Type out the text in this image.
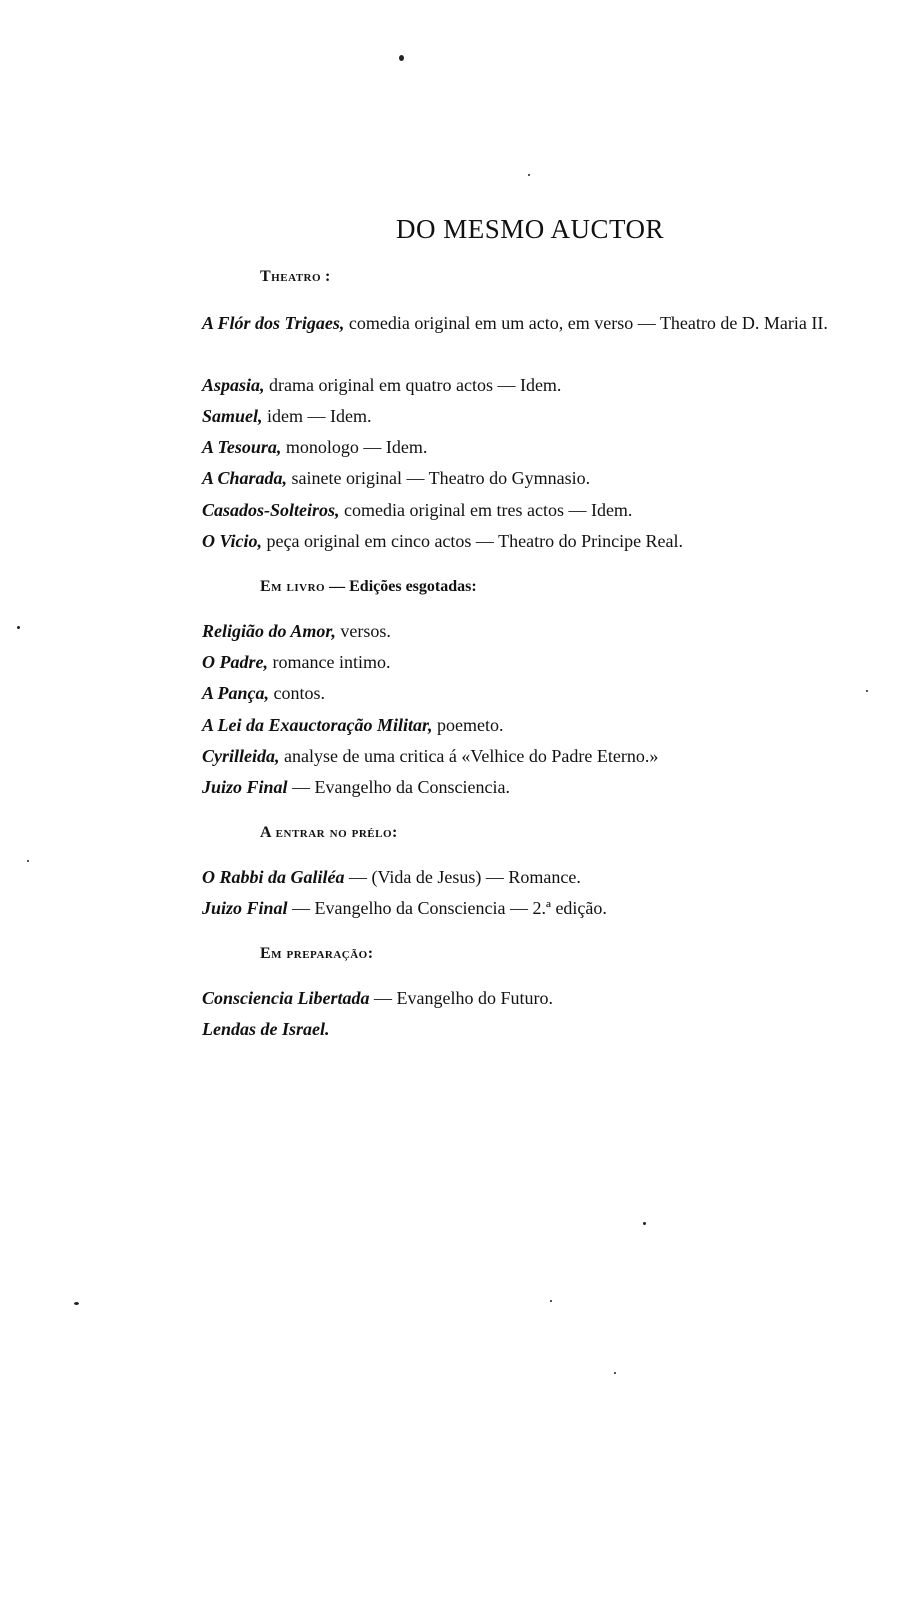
DO MESMO AUCTOR
Theatro :
A Flór dos Trigaes, comedia original em um acto, em verso — Theatro de D. Maria II.
Aspasia, drama original em quatro actos — Idem.
Samuel, idem — Idem.
A Tesoura, monologo — Idem.
A Charada, sainete original — Theatro do Gymnasio.
Casados-Solteiros, comedia original em tres actos — Idem.
O Vicio, peça original em cinco actos — Theatro do Principe Real.
Em livro — Edições esgotadas:
Religião do Amor, versos.
O Padre, romance intimo.
A Pança, contos.
A Lei da Exauctoração Militar, poemeto.
Cyrilleida, analyse de uma critica á «Velhice do Padre Eterno.»
Juizo Final — Evangelho da Consciencia.
A entrar no prélo:
O Rabbi da Galiléa — (Vida de Jesus) — Romance.
Juizo Final — Evangelho da Consciencia — 2.ª edição.
Em preparação:
Consciencia Libertada — Evangelho do Futuro.
Lendas de Israel.
